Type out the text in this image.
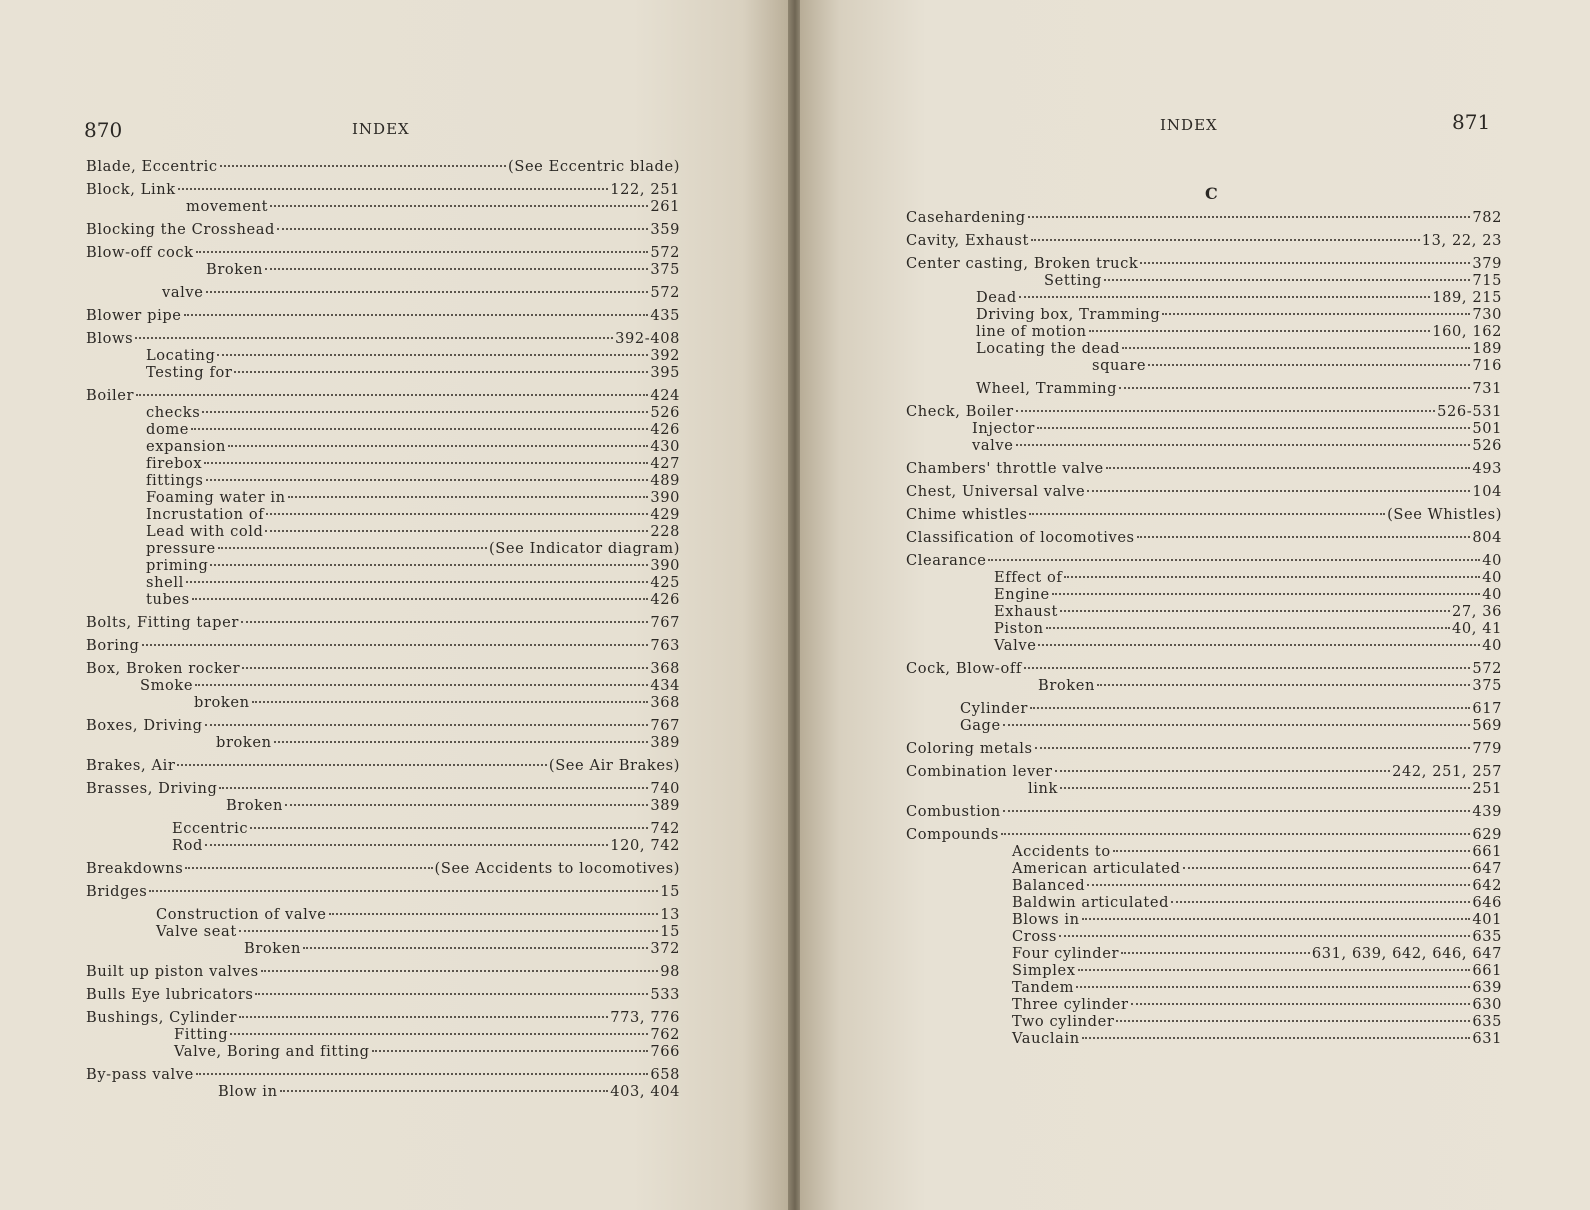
870	INDEX
Blade, Eccentric	(See Eccentric blade)
Block, Link	122, 251
movement	261
Blocking the Crosshead	359
Blow-off cock	572
Broken	375
valve	572
Blower pipe	435
Blows	392-408
Locating	392
Testing for	395
Boiler	424
checks	526
dome	426
expansion	430
firebox	427
fittings	489
Foaming water in	390
Incrustation of	429
Lead with cold	228
pressure	(See Indicator diagram)
priming	390
shell	425
tubes	426
Bolts, Fitting taper	767
Boring	763
Box, Broken rocker	368
Smoke	434
broken	368
Boxes, Driving	767
broken	389
Brakes, Air	(See Air Brakes)
Brasses, Driving	740
Broken	389
Eccentric	742
Rod	120, 742
Breakdowns	(See Accidents to locomotives)
Bridges	15
Construction of valve	13
Valve seat	15
Broken	372
Built up piston valves	98
Bulls Eye lubricators	533
Bushings, Cylinder	773, 776
Fitting	762
Valve, Boring and fitting	766
By-pass valve	658
Blow in	403, 404
INDEX	871
C
Casehardening	782
Cavity, Exhaust	13, 22, 23
Center casting, Broken truck	379
Setting	715
Dead	189, 215
Driving box, Tramming	730
line of motion	160, 162
Locating the dead	189
square	716
Wheel, Tramming	731
Check, Boiler	526-531
Injector	501
valve	526
Chambers' throttle valve	493
Chest, Universal valve	104
Chime whistles	(See Whistles)
Classification of locomotives	804
Clearance	40
Effect of	40
Engine	40
Exhaust	27, 36
Piston	40, 41
Valve	40
Cock, Blow-off	572
Broken	375
Cylinder	617
Gage	569
Coloring metals	779
Combination lever	242, 251, 257
link	251
Combustion	439
Compounds	629
Accidents to	661
American articulated	647
Balanced	642
Baldwin articulated	646
Blows in	401
Cross	635
Four cylinder	631, 639, 642, 646, 647
Simplex	661
Tandem	639
Three cylinder	630
Two cylinder	635
Vauclain	631
